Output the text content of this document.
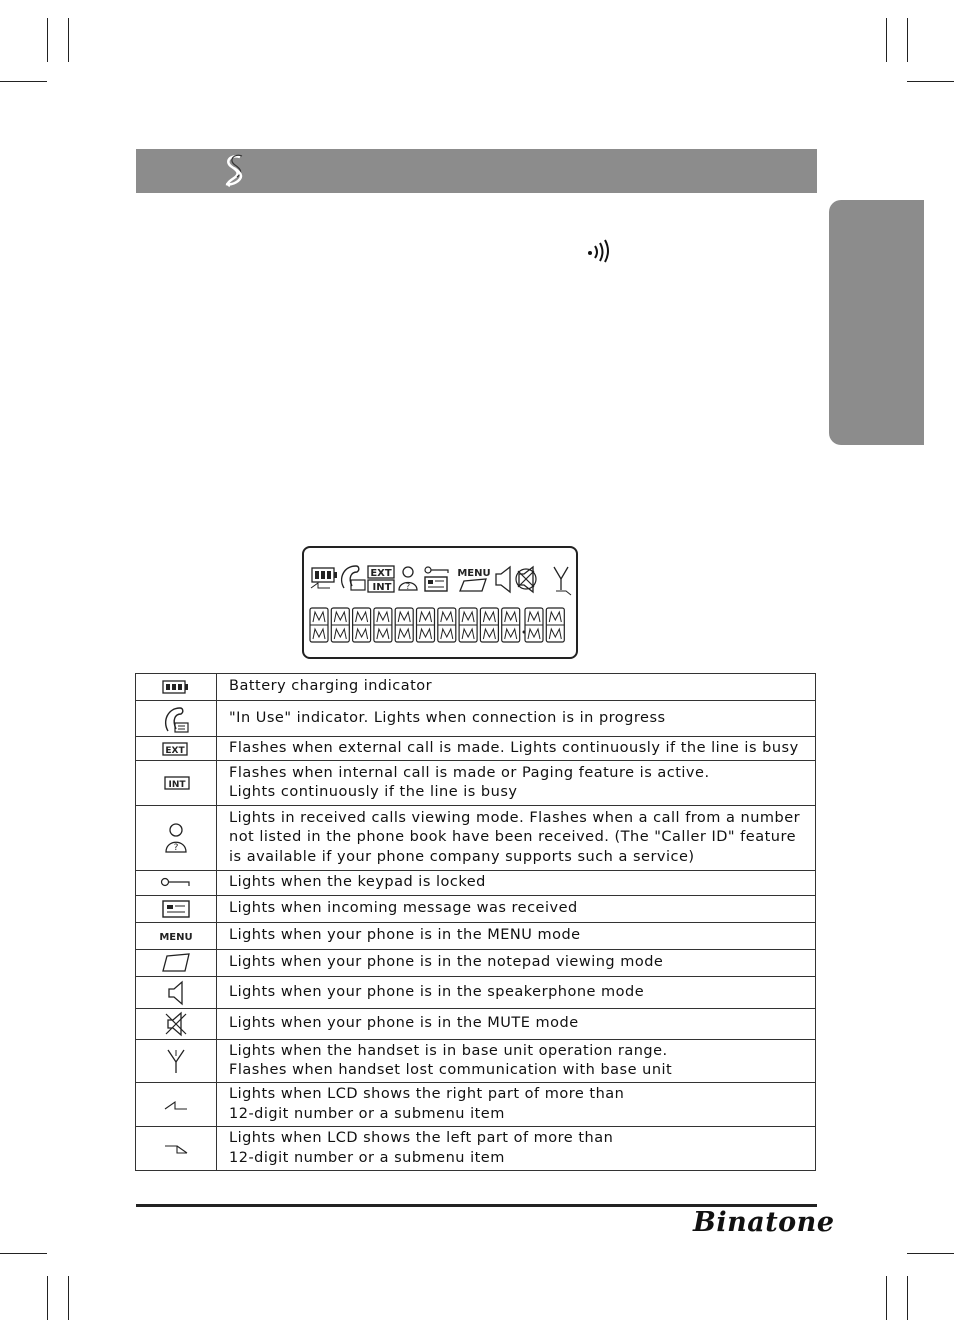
EXT
INT ?
MENU

Battery charging indicator

"In Use" indicator. Lights when connection is in progress

EXT	Flashes when external call is made. Lights continuously if the line is busy

INT	Flashes when internal call is made or Paging feature is active.
Lights continuously if the line is busy

?	Lights in received calls viewing mode. Flashes when a call from a number
not listed in the phone book have been received. (The "Caller ID" feature
is available if your phone company supports such a service)

Lights when the keypad is locked

Lights when incoming message was received

MENU	Lights when your phone is in the MENU mode

Lights when your phone is in the notepad viewing mode

Lights when your phone is in the speakerphone mode

Lights when your phone is in the MUTE mode

Lights when the handset is in base unit operation range.
Flashes when handset lost communication with base unit

Lights when LCD shows the right part of more than
12-digit number or a submenu item

Lights when LCD shows the left part of more than
12-digit number or a submenu item
Binatone
